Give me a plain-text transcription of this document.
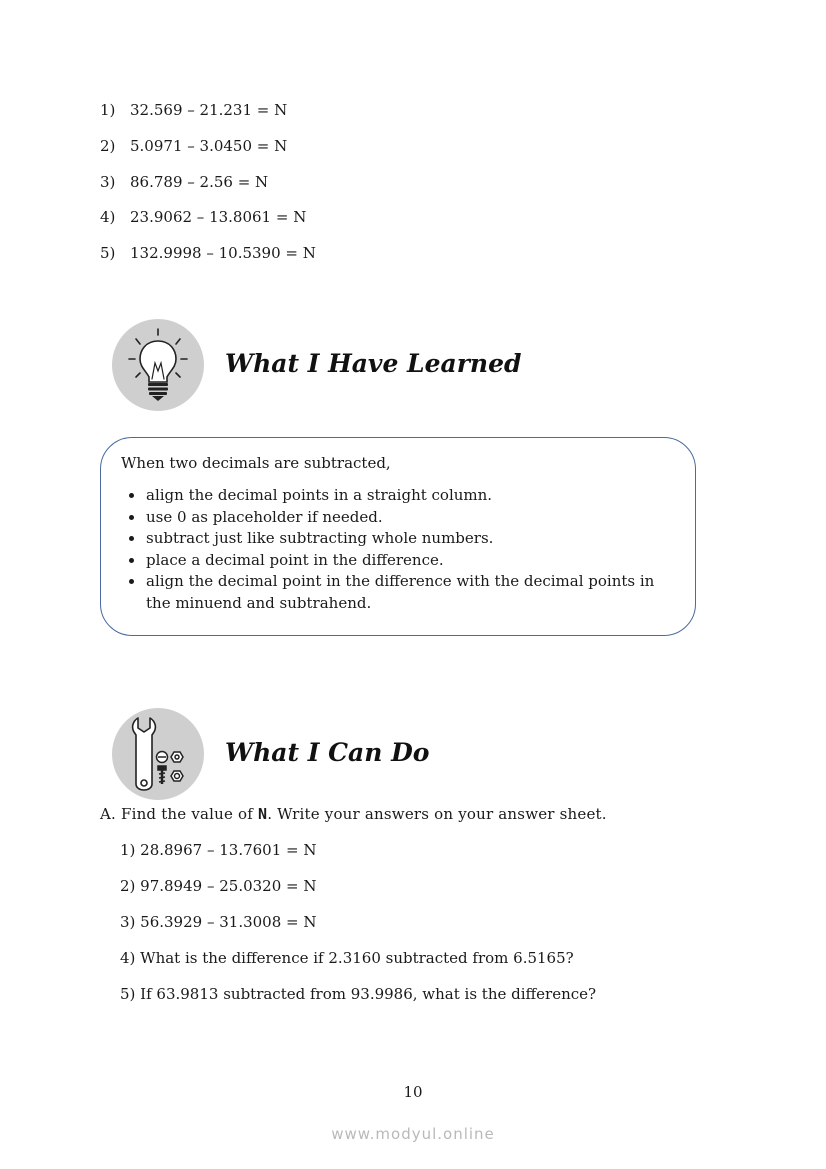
1) 32.569 – 21.231 = N
2) 5.0971 – 3.0450 = N
3) 86.789 – 2.56 = N
4) 23.9062 – 13.8061 = N
5) 132.9998 – 10.5390 = N
What I Have Learned
When two decimals are subtracted,
align the decimal points in a straight column.
use 0 as placeholder if needed.
subtract just like subtracting whole numbers.
place a decimal point in the difference.
align the decimal point in the difference with the decimal points in the minuend and subtrahend.
What I Can Do
A. Find the value of N. Write your answers on your answer sheet.
1) 28.8967 – 13.7601 = N
2) 97.8949 – 25.0320 = N
3) 56.3929 – 31.3008 = N
4) What is the difference if 2.3160 subtracted from 6.5165?
5) If 63.9813 subtracted from 93.9986, what is the difference?
10
www.modyul.online
